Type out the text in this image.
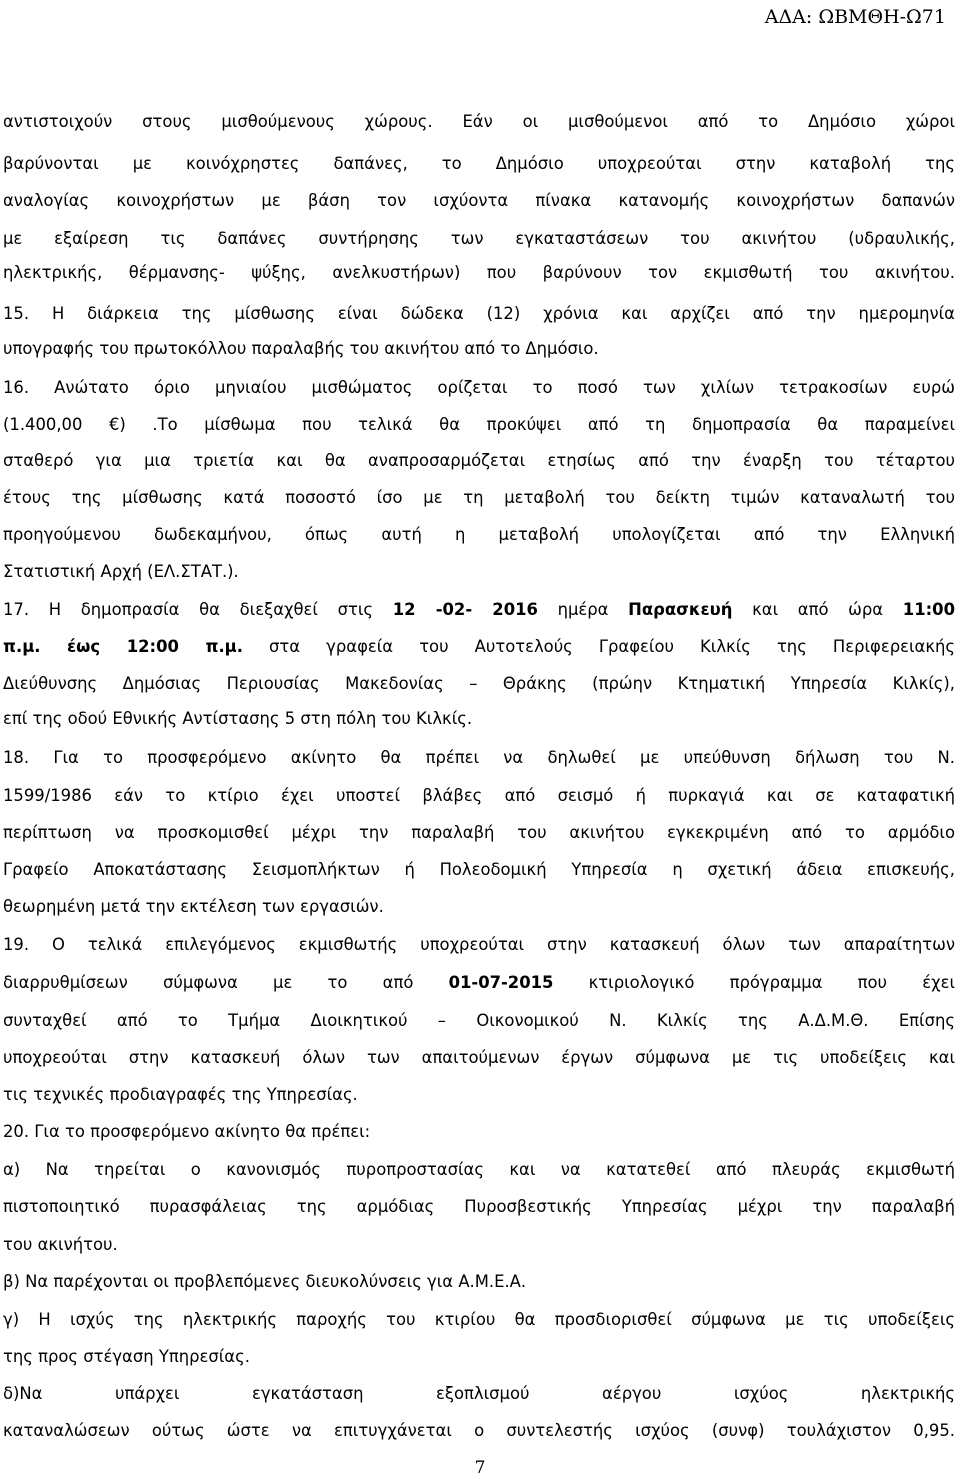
ΑΔΑ: ΩΒΜΘΗ-Ω71
αντιστοιχούν στους μισθούμενους χώρους. Εάν οι μισθούμενοι από το Δημόσιο χώροι
βαρύνονται με κοινόχρηστες δαπάνες, το Δημόσιο υποχρεούται στην καταβολή της
αναλογίας κοινοχρήστων με βάση τον ισχύοντα πίνακα κατανομής κοινοχρήστων δαπανών
με εξαίρεση τις δαπάνες συντήρησης των εγκαταστάσεων του ακινήτου (υδραυλικής,
ηλεκτρικής, θέρμανσης- ψύξης, ανελκυστήρων) που βαρύνουν τον εκμισθωτή του ακινήτου.
15. Η διάρκεια της μίσθωσης είναι δώδεκα (12) χρόνια και αρχίζει από την ημερομηνία
υπογραφής του πρωτοκόλλου παραλαβής του ακινήτου από το Δημόσιο.
16. Ανώτατο όριο μηνιαίου μισθώματος ορίζεται το ποσό των χιλίων τετρακοσίων ευρώ
(1.400,00 €) .Το μίσθωμα που τελικά θα προκύψει από τη δημοπρασία θα παραμείνει
σταθερό για μια τριετία και θα αναπροσαρμόζεται ετησίως από την έναρξη του τέταρτου
έτους της μίσθωσης κατά ποσοστό ίσο με τη μεταβολή του δείκτη τιμών καταναλωτή του
προηγούμενου δωδεκαμήνου, όπως αυτή η μεταβολή υπολογίζεται από την Ελληνική
Στατιστική Αρχή (ΕΛ.ΣΤΑΤ.).
17. Η δημοπρασία θα διεξαχθεί στις 12 -02- 2016 ημέρα Παρασκευή και από ώρα 11:00
π.μ. έως 12:00 π.μ. στα γραφεία του Αυτοτελούς Γραφείου Κιλκίς της Περιφερειακής
Διεύθυνσης Δημόσιας Περιουσίας Μακεδονίας – Θράκης (πρώην Κτηματική Υπηρεσία Κιλκίς),
επί της οδού Εθνικής Αντίστασης 5 στη πόλη του Κιλκίς.
18. Για το προσφερόμενο ακίνητο θα πρέπει να δηλωθεί με υπεύθυνση δήλωση του Ν.
1599/1986 εάν το κτίριο έχει υποστεί βλάβες από σεισμό ή πυρκαγιά και σε καταφατική
περίπτωση να προσκομισθεί μέχρι την παραλαβή του ακινήτου εγκεκριμένη από το αρμόδιο
Γραφείο Αποκατάστασης Σεισμοπλήκτων ή Πολεοδομική Υπηρεσία η σχετική άδεια επισκευής,
θεωρημένη μετά την εκτέλεση των εργασιών.
19. Ο τελικά επιλεγόμενος εκμισθωτής υποχρεούται στην κατασκευή όλων των απαραίτητων
διαρρυθμίσεων σύμφωνα με το από 01-07-2015 κτιριολογικό πρόγραμμα που έχει
συνταχθεί από το Τμήμα Διοικητικού – Οικονομικού Ν. Κιλκίς της Α.Δ.Μ.Θ. Επίσης
υποχρεούται στην κατασκευή όλων των απαιτούμενων έργων σύμφωνα με τις υποδείξεις και
τις τεχνικές προδιαγραφές της Υπηρεσίας.
20. Για το προσφερόμενο ακίνητο θα πρέπει:
α) Να τηρείται ο κανονισμός πυροπροστασίας και να κατατεθεί από πλευράς εκμισθωτή
πιστοποιητικό πυρασφάλειας της αρμόδιας Πυροσβεστικής Υπηρεσίας μέχρι την παραλαβή
του ακινήτου.
β) Να παρέχονται οι προβλεπόμενες διευκολύνσεις για Α.Μ.Ε.Α.
γ) Η ισχύς της ηλεκτρικής παροχής του κτιρίου θα προσδιορισθεί σύμφωνα με τις υποδείξεις
της προς στέγαση Υπηρεσίας.
δ)Να υπάρχει εγκατάσταση εξοπλισμού αέργου ισχύος ηλεκτρικής
καταναλώσεων ούτως ώστε να επιτυγχάνεται ο συντελεστής ισχύος (συνφ) τουλάχιστον 0,95.
7
